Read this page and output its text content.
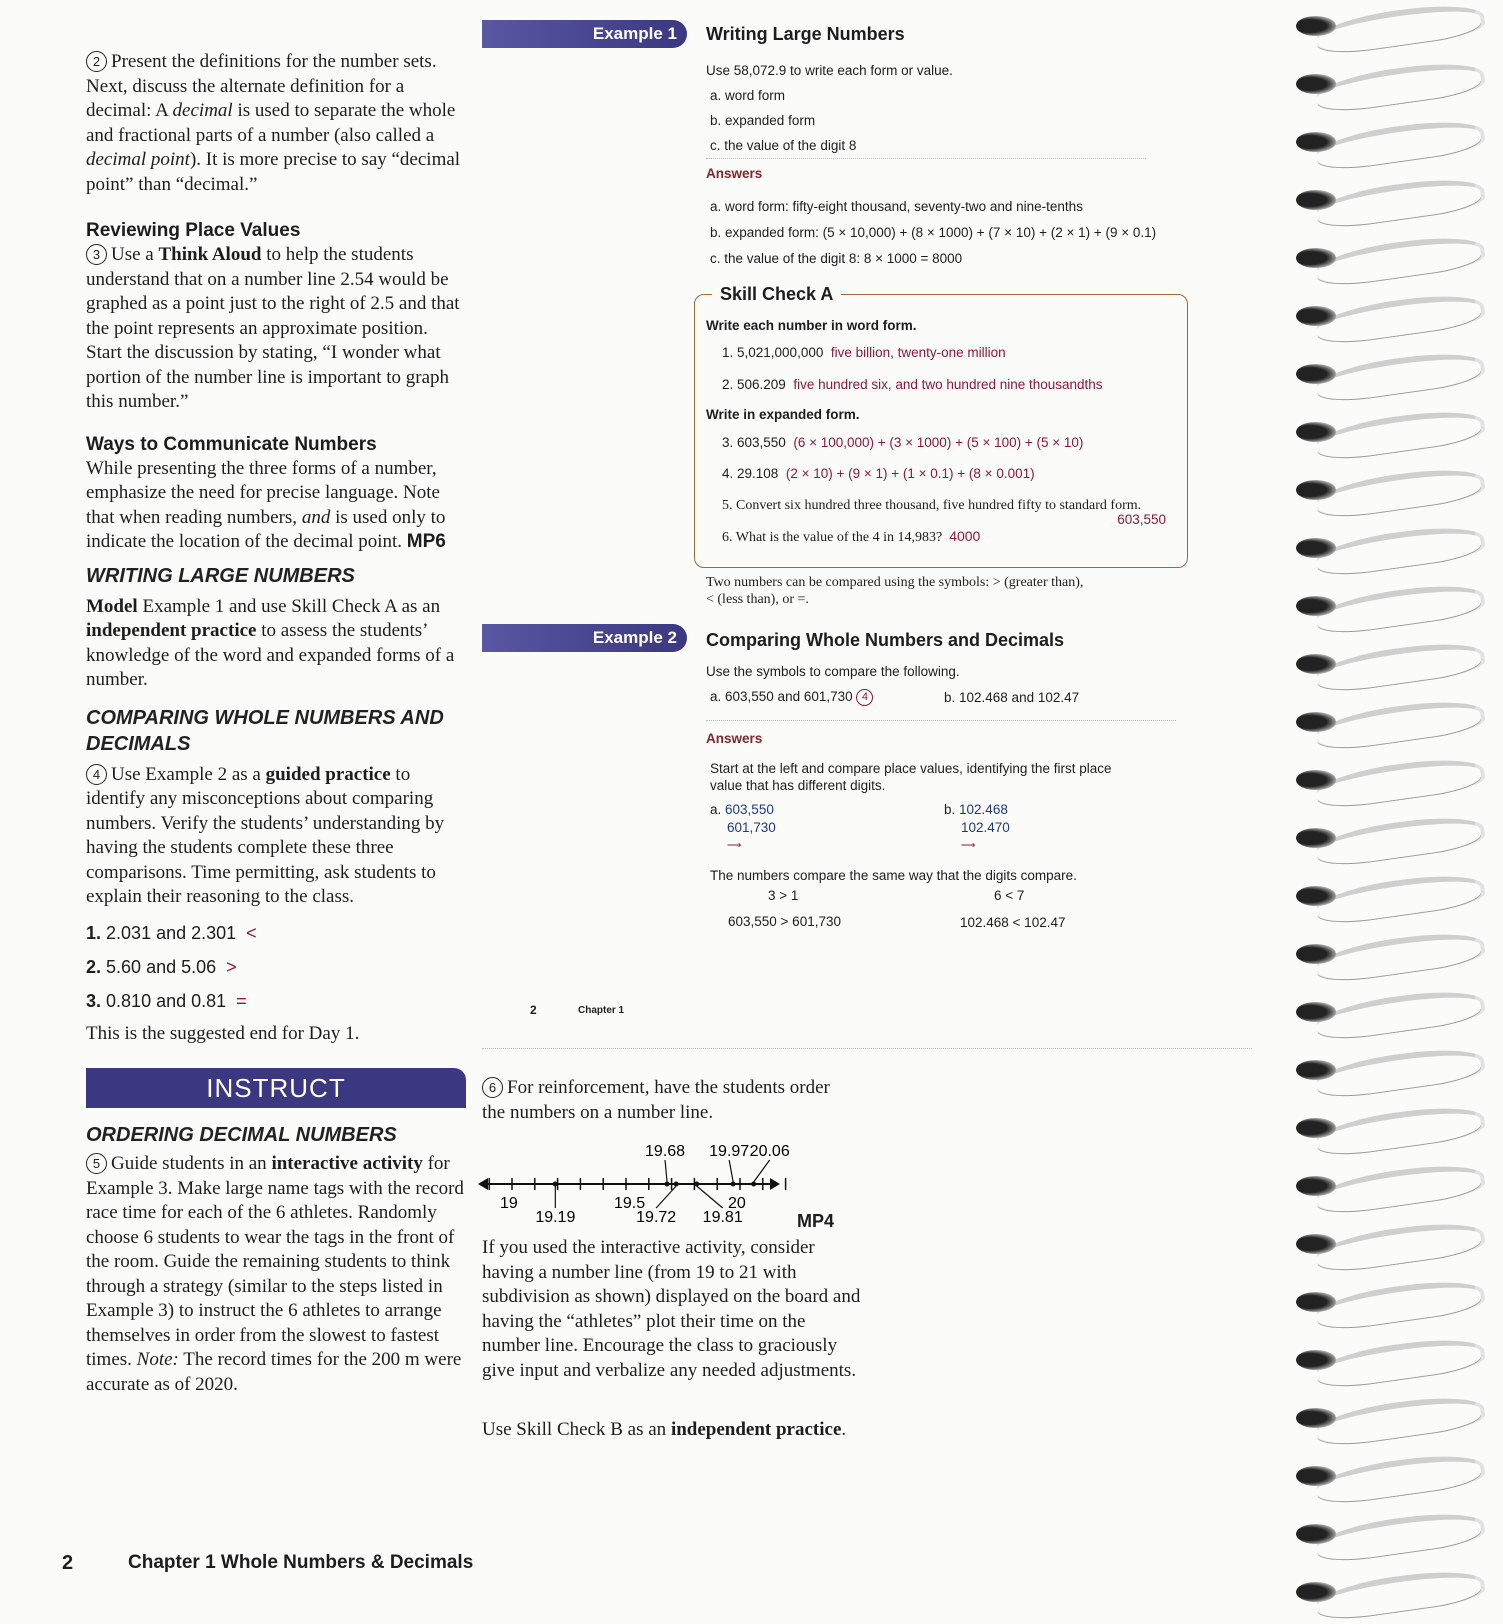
2 Present the definitions for the number sets. Next, discuss the alternate definition for a decimal: A decimal is used to separate the whole and fractional parts of a number (also called a decimal point). It is more precise to say “decimal point” than “decimal.”

Reviewing Place Values

3 Use a Think Aloud to help the students understand that on a number line 2.54 would be graphed as a point just to the right of 2.5 and that the point represents an approximate position. Start the discussion by stating, “I wonder what portion of the number line is important to graph this number.”

Ways to Communicate Numbers

While presenting the three forms of a number, emphasize the need for precise language. Note that when reading numbers, and is used only to indicate the location of the decimal point. MP6

WRITING LARGE NUMBERS

Model Example 1 and use Skill Check A as an independent practice to assess the students’ knowledge of the word and expanded forms of a number.

COMPARING WHOLE NUMBERS AND DECIMALS

4 Use Example 2 as a guided practice to identify any misconceptions about comparing numbers. Verify the students’ understanding by having the students complete these three comparisons. Time permitting, ask students to explain their reasoning to the class.

1. 2.031 and 2.301 <

2. 5.60 and 5.06 >

3. 0.810 and 0.81 =

This is the suggested end for Day 1.

INSTRUCT

ORDERING DECIMAL NUMBERS

5 Guide students in an interactive activity for Example 3. Make large name tags with the record race time for each of the 6 athletes. Randomly choose 6 students to wear the tags in the front of the room. Guide the remaining students to think through a strategy (similar to the steps listed in Example 3) to instruct the 6 athletes to arrange themselves in order from the slowest to fastest times. Note: The record times for the 200 m were accurate as of 2020.

2	Chapter 1 Whole Numbers & Decimals
Example 1	Writing Large Numbers
Use 58,072.9 to write each form or value.
a. word form
b. expanded form
c. the value of the digit 8
Answers
a. word form: fifty-eight thousand, seventy-two and nine-tenths
b. expanded form: (5 × 10,000) + (8 × 1000) + (7 × 10) + (2 × 1) + (9 × 0.1)
c. the value of the digit 8: 8 × 1000 = 8000
Skill Check A
Write each number in word form.
1. 5,021,000,000 five billion, twenty-one million
2. 506.209 five hundred six, and two hundred nine thousandths
Write in expanded form.
3. 603,550 (6 × 100,000) + (3 × 1000) + (5 × 100) + (5 × 10)
4. 29.108 (2 × 10) + (9 × 1) + (1 × 0.1) + (8 × 0.001)
5. Convert six hundred three thousand, five hundred fifty to standard form.
603,550
6. What is the value of the 4 in 14,983? 4000
Two numbers can be compared using the symbols: > (greater than),
< (less than), or =.
Example 2	Comparing Whole Numbers and Decimals
Use the symbols to compare the following.
a. 603,550 and 601,730 4	b. 102.468 and 102.47
Answers
Start at the left and compare place values, identifying the first place
value that has different digits.
a. 603,550
601,730
⟶
b. 102.468
102.470
⟶
The numbers compare the same way that the digits compare.
3 > 1	6 < 7
603,550 > 601,730	102.468 < 102.47
2	Chapter 1
6 For reinforcement, have the students order the numbers on a number line.
19	19.5	20
19.68 19.97 20.06
19.19	19.72 19.81	MP4
If you used the interactive activity, consider having a number line (from 19 to 21 with subdivision as shown) displayed on the board and having the “athletes” plot their time on the number line. Encourage the class to graciously give input and verbalize any needed adjustments.
Use Skill Check B as an independent practice.
